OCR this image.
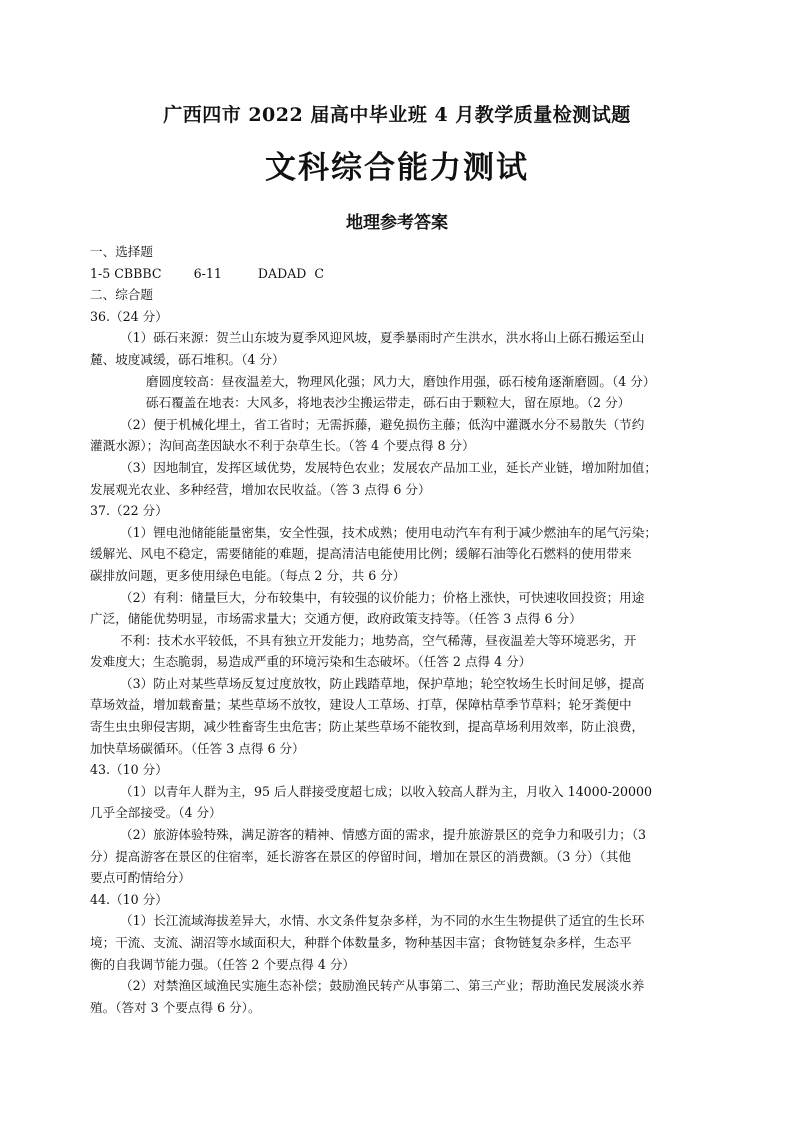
广西四市 2022 届高中毕业班 4 月教学质量检测试题
文科综合能力测试
地理参考答案
一、选择题
1-5 CBBBC        6-11         DADAD  C
二、综合题
36.（24 分）
（1）砾石来源：贺兰山东坡为夏季风迎风坡，夏季暴雨时产生洪水，洪水将山上砾石搬运至山
麓、坡度减缓，砾石堆积。（4 分）
磨圆度较高：昼夜温差大，物理风化强；风力大，磨蚀作用强，砾石棱角逐渐磨圆。（4 分）
砾石覆盖在地表：大风多，将地表沙尘搬运带走，砾石由于颗粒大，留在原地。（2 分）
（2）便于机械化埋土，省工省时；无需拆藤，避免损伤主藤；低沟中灌溉水分不易散失（节约
灌溉水源）；沟间高垄因缺水不利于杂草生长。（答 4 个要点得 8 分）
（3）因地制宜，发挥区域优势，发展特色农业；发展农产品加工业，延长产业链，增加附加值；
发展观光农业、多种经营，增加农民收益。（答 3 点得 6 分）
37.（22 分）
（1）锂电池储能能量密集，安全性强，技术成熟；使用电动汽车有利于减少燃油车的尾气污染；
缓解光、风电不稳定，需要储能的难题，提高清洁电能使用比例；缓解石油等化石燃料的使用带来
碳排放问题，更多使用绿色电能。（每点 2 分，共 6 分）
（2）有利：储量巨大，分布较集中，有较强的议价能力；价格上涨快，可快速收回投资；用途
广泛，储能优势明显，市场需求量大；交通方便，政府政策支持等。（任答 3 点得 6 分）
不利：技术水平较低，不具有独立开发能力；地势高，空气稀薄，昼夜温差大等环境恶劣，开
发难度大；生态脆弱，易造成严重的环境污染和生态破坏。（任答 2 点得 4 分）
（3）防止对某些草场反复过度放牧，防止践踏草地，保护草地；轮空牧场生长时间足够，提高
草场效益，增加载畜量；某些草场不放牧，建设人工草场、打草，保障枯草季节草料；轮牙粪便中
寄生虫虫卵侵害期，减少牲畜寄生虫危害；防止某些草场不能牧到，提高草场利用效率，防止浪费，
加快草场碳循环。（任答 3 点得 6 分）
43.（10 分）
（1）以青年人群为主，95 后人群接受度超七成；以收入较高人群为主，月收入 14000-20000
几乎全部接受。（4 分）
（2）旅游体验特殊，满足游客的精神、情感方面的需求，提升旅游景区的竞争力和吸引力；（3
分）提高游客在景区的住宿率，延长游客在景区的停留时间，增加在景区的消费额。（3 分）（其他
要点可酌情给分）
44.（10 分）
（1）长江流域海拔差异大，水情、水文条件复杂多样，为不同的水生生物提供了适宜的生长环
境；干流、支流、湖沼等水域面积大，种群个体数量多，物种基因丰富；食物链复杂多样，生态平
衡的自我调节能力强。（任答 2 个要点得 4 分）
（2）对禁渔区域渔民实施生态补偿；鼓励渔民转产从事第二、第三产业；帮助渔民发展淡水养
殖。（答对 3 个要点得 6 分）。
